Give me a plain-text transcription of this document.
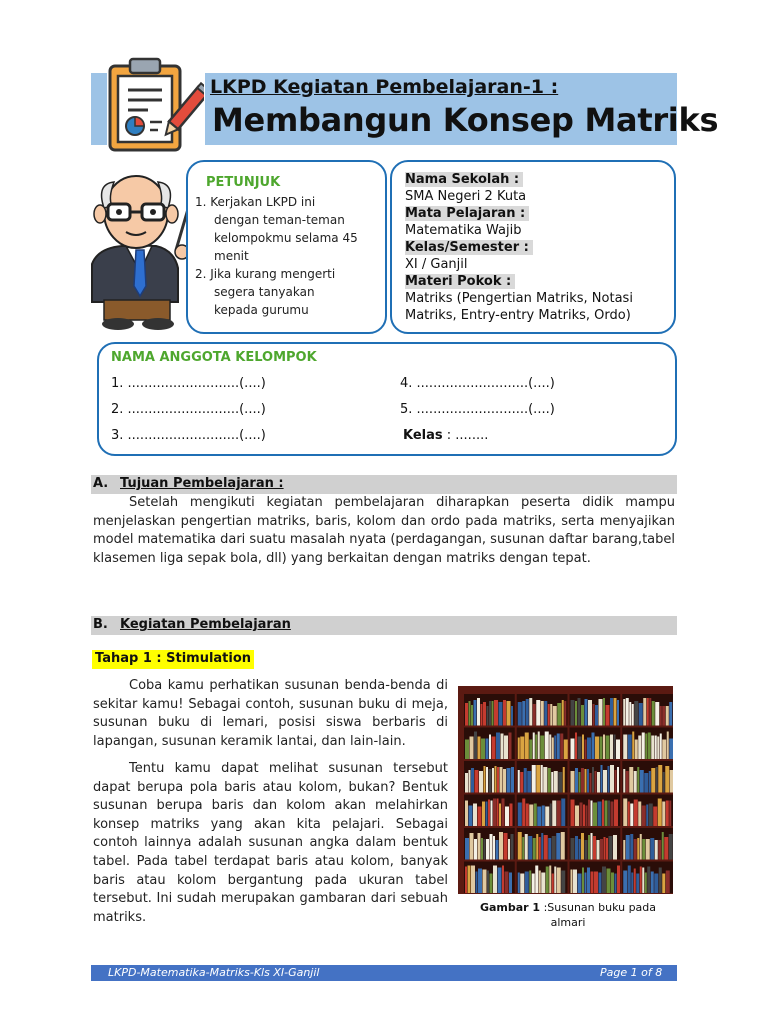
LKPD Kegiatan Pembelajaran-1 :
Membangun Konsep Matriks
PETUNJUK
1. Kerjakan LKPD ini
dengan teman-teman
kelompokmu selama 45
menit
2. Jika kurang mengerti
segera tanyakan
kepada gurumu
Nama Sekolah :
SMA Negeri 2 Kuta
Mata Pelajaran :
Matematika Wajib
Kelas/Semester :
XI / Ganjil
Materi Pokok :
Matriks (Pengertian Matriks, Notasi
Matriks, Entry-entry Matriks, Ordo)
NAMA ANGGOTA KELOMPOK
1. ...........................(....)
2. ...........................(....)
3. ...........................(....)
4. ...........................(....)
5. ...........................(....)
Kelas : ........
A. Tujuan Pembelajaran :
Setelah mengikuti kegiatan pembelajaran diharapkan peserta didik mampu menjelaskan pengertian matriks, baris, kolom dan ordo pada matriks, serta menyajikan model matematika dari suatu masalah nyata (perdagangan, susunan daftar barang,tabel klasemen liga sepak bola, dll) yang berkaitan dengan matriks dengan tepat.
B. Kegiatan Pembelajaran
Tahap 1 : Stimulation
Coba kamu perhatikan susunan benda-benda di sekitar kamu! Sebagai contoh, susunan buku di meja, susunan buku di lemari, posisi siswa berbaris di lapangan, susunan keramik lantai, dan lain-lain.
Tentu kamu dapat melihat susunan tersebut dapat berupa pola baris atau kolom, bukan? Bentuk susunan berupa baris dan kolom akan melahirkan konsep matriks yang akan kita pelajari. Sebagai contoh lainnya adalah susunan angka dalam bentuk tabel. Pada tabel terdapat baris atau kolom, banyak baris atau kolom bergantung pada ukuran tabel tersebut. Ini sudah merupakan gambaran dari sebuah matriks.
Gambar 1 :Susunan buku pada almari
LKPD-Matematika-Matriks-Kls XI-Ganjil	Page 1 of 8
